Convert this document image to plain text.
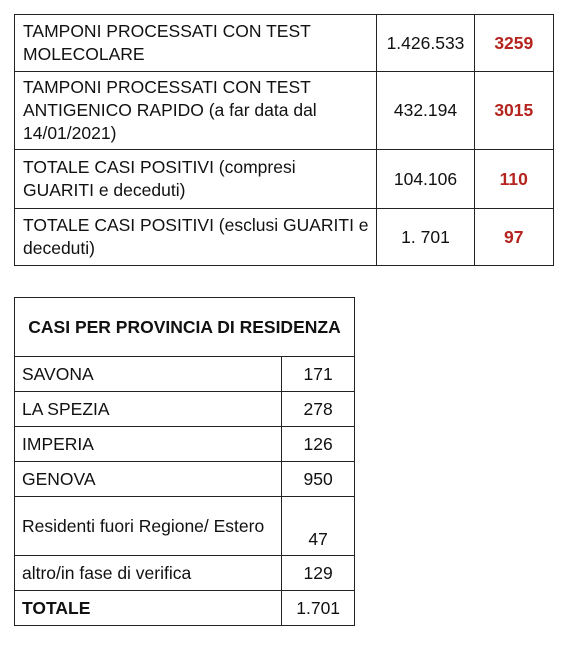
TAMPONI PROCESSATI CON TEST MOLECOLARE	1.426.533	3259
TAMPONI PROCESSATI CON TEST ANTIGENICO RAPIDO (a far data dal 14/01/2021)	432.194	3015
TOTALE CASI POSITIVI (compresi GUARITI e deceduti)	104.106	110
TOTALE CASI POSITIVI (esclusi GUARITI e deceduti)	1. 701	97
CASI PER PROVINCIA DI RESIDENZA	
SAVONA	171
LA SPEZIA	278
IMPERIA	126
GENOVA	950
Residenti fuori Regione/ Estero	47
altro/in fase di verifica	129
TOTALE	1.701
